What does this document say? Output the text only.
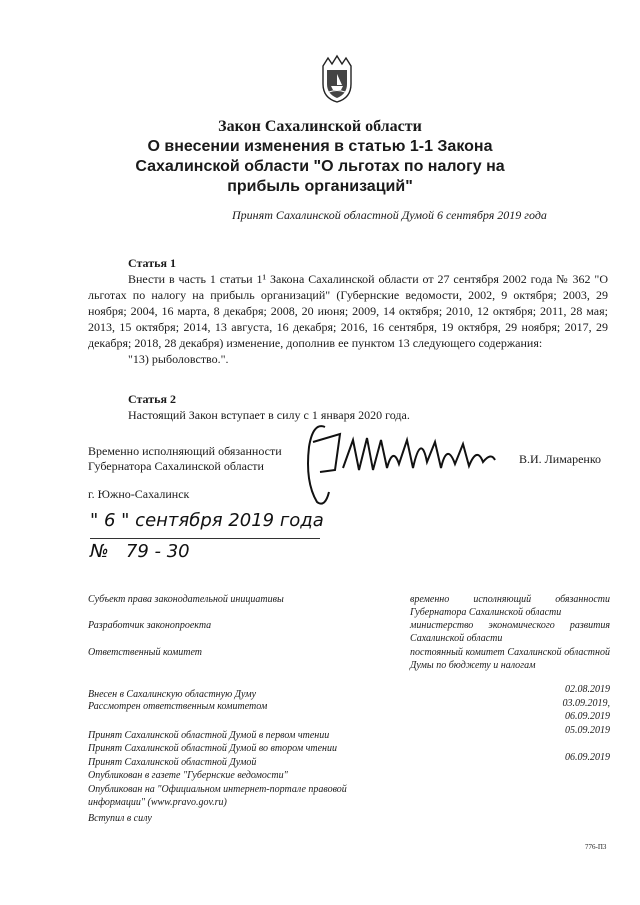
Закон Сахалинской области
О внесении изменения в статью 1-1 Закона
Сахалинской области "О льготах по налогу на
прибыль организаций"
Принят Сахалинской областной Думой 6 сентября 2019 года
Статья 1
Внести в часть 1 статьи 1¹ Закона Сахалинской области от 27 сентября 2002 года № 362 "О льготах по налогу на прибыль организаций" (Губернские ведомости, 2002, 9 октября; 2003, 29 ноября; 2004, 16 марта, 8 декабря; 2008, 20 июня; 2009, 14 октября; 2010, 12 октября; 2011, 28 мая; 2013, 15 октября; 2014, 13 августа, 16 декабря; 2016, 16 сентября, 19 октября, 29 ноября; 2017, 29 декабря; 2018, 28 декабря) изменение, дополнив ее пунктом 13 следующего содержания:
"13) рыболовство.".
Статья 2
Настоящий Закон вступает в силу с 1 января 2020 года.
Временно исполняющий обязанности
Губернатора Сахалинской области	В.И. Лимаренко
г. Южно-Сахалинск
" 6 " сентября 2019 года
№   79 - 30
Субъект права законодательной инициативы	временно исполняющий обязанности Губернатора Сахалинской области
Разработчик законопроекта	министерство экономического развития Сахалинской области
Ответственный комитет	постоянный комитет Сахалинской областной Думы по бюджету и налогам
Внесен в Сахалинскую областную Думу	02.08.2019
Рассмотрен ответственным комитетом	03.09.2019,
06.09.2019
Принят Сахалинской областной Думой в первом чтении	05.09.2019
Принят Сахалинской областной Думой во втором чтении
Принят Сахалинской областной Думой	06.09.2019
Опубликован в газете "Губернские ведомости"
Опубликован на "Официальном интернет-портале правовой
информации" (www.pravo.gov.ru)
Вступил в силу
776-П3
